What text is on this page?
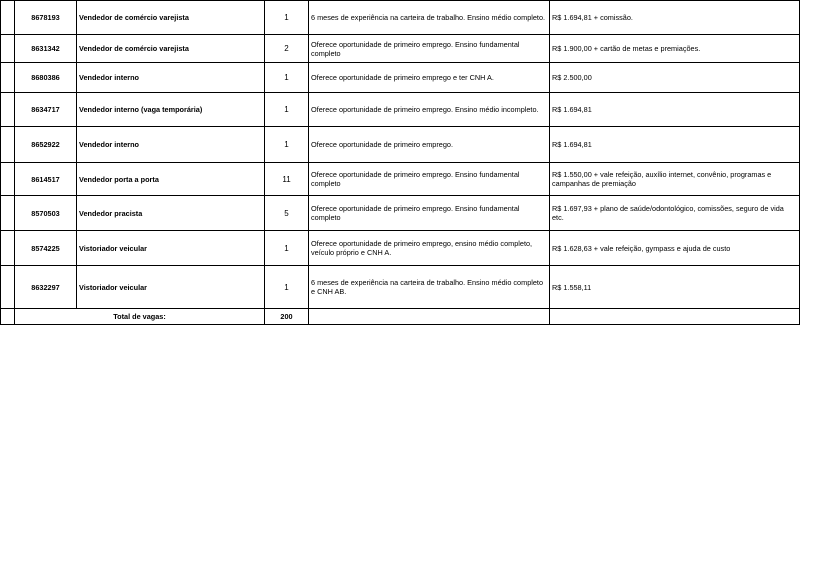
	8678193	Vendedor de comércio varejista	1	6 meses de experiência na carteira de trabalho. Ensino médio completo.	R$ 1.694,81 + comissão.
	8631342	Vendedor de comércio varejista	2	Oferece oportunidade de primeiro emprego. Ensino fundamental completo	R$ 1.900,00 + cartão de metas e premiações.
	8680386	Vendedor interno	1	Oferece oportunidade de primeiro emprego e ter CNH A.	R$ 2.500,00
	8634717	Vendedor interno (vaga temporária)	1	Oferece oportunidade de primeiro emprego. Ensino médio incompleto.	R$ 1.694,81
	8652922	Vendedor interno	1	Oferece oportunidade de primeiro emprego.	R$ 1.694,81
	8614517	Vendedor porta a porta	11	Oferece oportunidade de primeiro emprego. Ensino fundamental completo	R$ 1.550,00 + vale refeição, auxílio internet, convênio, programas e campanhas de premiação
	8570503	Vendedor pracista	5	Oferece oportunidade de primeiro emprego. Ensino fundamental completo	R$ 1.697,93 + plano de saúde/odontológico, comissões, seguro de vida etc.
	8574225	Vistoriador veicular	1	Oferece oportunidade de primeiro emprego, ensino médio completo, veículo próprio e CNH A.	R$ 1.628,63 + vale refeição, gympass e ajuda de custo
	8632297	Vistoriador veicular	1	6 meses de experiência na carteira de trabalho. Ensino médio completo e CNH AB.	R$ 1.558,11
	Total de vagas:		200		
